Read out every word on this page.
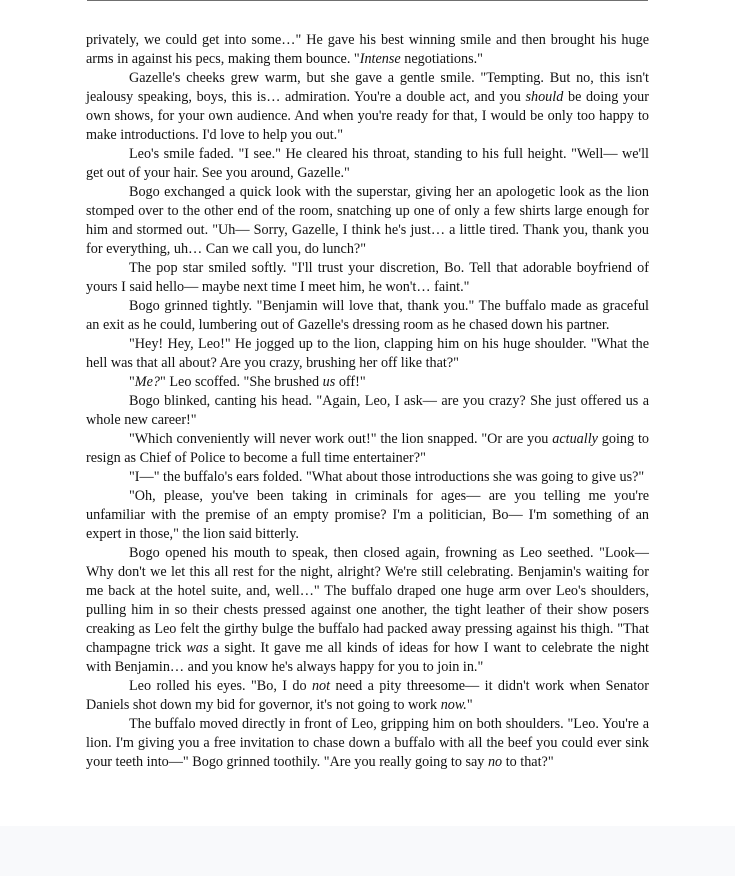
privately, we could get into some…" He gave his best winning smile and then brought his huge arms in against his pecs, making them bounce. "Intense negotiations."

Gazelle's cheeks grew warm, but she gave a gentle smile. "Tempting. But no, this isn't jealousy speaking, boys, this is… admiration. You're a double act, and you should be doing your own shows, for your own audience. And when you're ready for that, I would be only too happy to make introductions. I'd love to help you out."

Leo's smile faded. "I see." He cleared his throat, standing to his full height. "Well— we'll get out of your hair. See you around, Gazelle."

Bogo exchanged a quick look with the superstar, giving her an apologetic look as the lion stomped over to the other end of the room, snatching up one of only a few shirts large enough for him and stormed out. "Uh— Sorry, Gazelle, I think he's just… a little tired. Thank you, thank you for everything, uh… Can we call you, do lunch?"

The pop star smiled softly. "I'll trust your discretion, Bo. Tell that adorable boyfriend of yours I said hello— maybe next time I meet him, he won't… faint."

Bogo grinned tightly. "Benjamin will love that, thank you." The buffalo made as graceful an exit as he could, lumbering out of Gazelle's dressing room as he chased down his partner.

"Hey! Hey, Leo!" He jogged up to the lion, clapping him on his huge shoulder. "What the hell was that all about? Are you crazy, brushing her off like that?"

"Me?" Leo scoffed. "She brushed us off!"

Bogo blinked, canting his head. "Again, Leo, I ask— are you crazy? She just offered us a whole new career!"

"Which conveniently will never work out!" the lion snapped. "Or are you actually going to resign as Chief of Police to become a full time entertainer?"

"I—" the buffalo's ears folded. "What about those introductions she was going to give us?"

"Oh, please, you've been taking in criminals for ages— are you telling me you're unfamiliar with the premise of an empty promise? I'm a politician, Bo— I'm something of an expert in those," the lion said bitterly.

Bogo opened his mouth to speak, then closed again, frowning as Leo seethed. "Look— Why don't we let this all rest for the night, alright? We're still celebrating. Benjamin's waiting for me back at the hotel suite, and, well…" The buffalo draped one huge arm over Leo's shoulders, pulling him in so their chests pressed against one another, the tight leather of their show posers creaking as Leo felt the girthy bulge the buffalo had packed away pressing against his thigh. "That champagne trick was a sight. It gave me all kinds of ideas for how I want to celebrate the night with Benjamin… and you know he's always happy for you to join in."

Leo rolled his eyes. "Bo, I do not need a pity threesome— it didn't work when Senator Daniels shot down my bid for governor, it's not going to work now."

The buffalo moved directly in front of Leo, gripping him on both shoulders. "Leo. You're a lion. I'm giving you a free invitation to chase down a buffalo with all the beef you could ever sink your teeth into—" Bogo grinned toothily. "Are you really going to say no to that?"
